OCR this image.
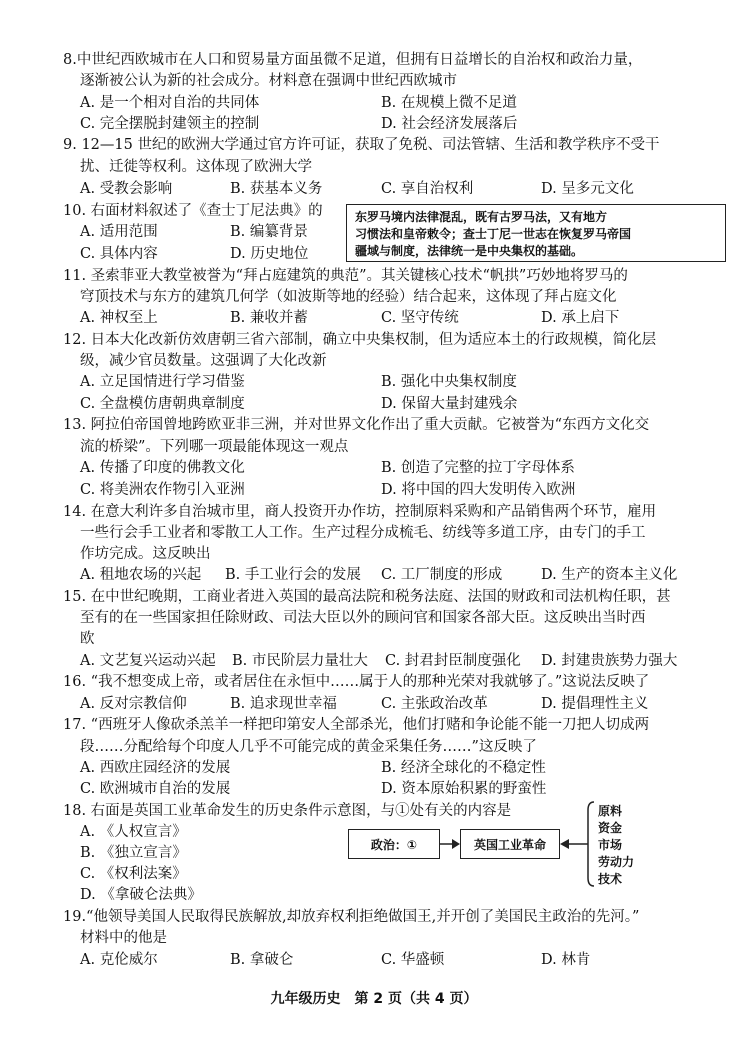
8.中世纪西欧城市在人口和贸易量方面虽微不足道，但拥有日益增长的自治权和政治力量，
逐渐被公认为新的社会成分。材料意在强调中世纪西欧城市
A. 是一个相对自治的共同体	B. 在规模上微不足道
C. 完全摆脱封建领主的控制	D. 社会经济发展落后
9. 12—15 世纪的欧洲大学通过官方许可证，获取了免税、司法管辖、生活和教学秩序不受干
扰、迁徙等权利。这体现了欧洲大学
A. 受教会影响	B. 获基本义务	C. 享自治权利	D. 呈多元文化
10. 右面材料叙述了《查士丁尼法典》的
A. 适用范围	B. 编纂背景
C. 具体内容	D. 历史地位
东罗马境内法律混乱，既有古罗马法，又有地方
习惯法和皇帝敕令；查士丁尼一世志在恢复罗马帝国
疆域与制度，法律统一是中央集权的基础。
11. 圣索菲亚大教堂被誉为“拜占庭建筑的典范”。其关键核心技术“帆拱”巧妙地将罗马的
穹顶技术与东方的建筑几何学（如波斯等地的经验）结合起来，这体现了拜占庭文化
A. 神权至上	B. 兼收并蓄	C. 坚守传统	D. 承上启下
12. 日本大化改新仿效唐朝三省六部制，确立中央集权制，但为适应本土的行政规模，简化层
级，减少官员数量。这强调了大化改新
A. 立足国情进行学习借鉴	B. 强化中央集权制度
C. 全盘模仿唐朝典章制度	D. 保留大量封建残余
13. 阿拉伯帝国曾地跨欧亚非三洲，并对世界文化作出了重大贡献。它被誉为“东西方文化交
流的桥梁”。下列哪一项最能体现这一观点
A. 传播了印度的佛教文化	B. 创造了完整的拉丁字母体系
C. 将美洲农作物引入亚洲	D. 将中国的四大发明传入欧洲
14. 在意大利许多自治城市里，商人投资开办作坊，控制原料采购和产品销售两个环节，雇用
一些行会手工业者和零散工人工作。生产过程分成梳毛、纺线等多道工序，由专门的手工
作坊完成。这反映出
A. 租地农场的兴起 B. 手工业行会的发展 C. 工厂制度的形成	D. 生产的资本主义化
15. 在中世纪晚期，工商业者进入英国的最高法院和税务法庭、法国的财政和司法机构任职，甚
至有的在一些国家担任除财政、司法大臣以外的顾问官和国家各部大臣。这反映出当时西
欧
A. 文艺复兴运动兴起 B. 市民阶层力量壮大 C. 封君封臣制度强化 D. 封建贵族势力强大
16. “我不想变成上帝，或者居住在永恒中……属于人的那种光荣对我就够了。”这说法反映了
A. 反对宗教信仰	B. 追求现世幸福	C. 主张政治改革	D. 提倡理性主义
17. “西班牙人像砍杀羔羊一样把印第安人全部杀光，他们打赌和争论能不能一刀把人切成两
段……分配给每个印度人几乎不可能完成的黄金采集任务……”这反映了
A. 西欧庄园经济的发展	B. 经济全球化的不稳定性
C. 欧洲城市自治的发展	D. 资本原始积累的野蛮性
18. 右面是英国工业革命发生的历史条件示意图，与①处有关的内容是
A. 《人权宣言》
B. 《独立宣言》
C. 《权利法案》
D. 《拿破仑法典》
政治：①	英国工业革命
原料
资金
市场
劳动力
技术
19.“他领导美国人民取得民族解放,却放弃权利拒绝做国王,并开创了美国民主政治的先河。”
材料中的他是
A. 克伦威尔	B. 拿破仑	C. 华盛顿	D. 林肯
九年级历史　第 2 页（共 4 页）
